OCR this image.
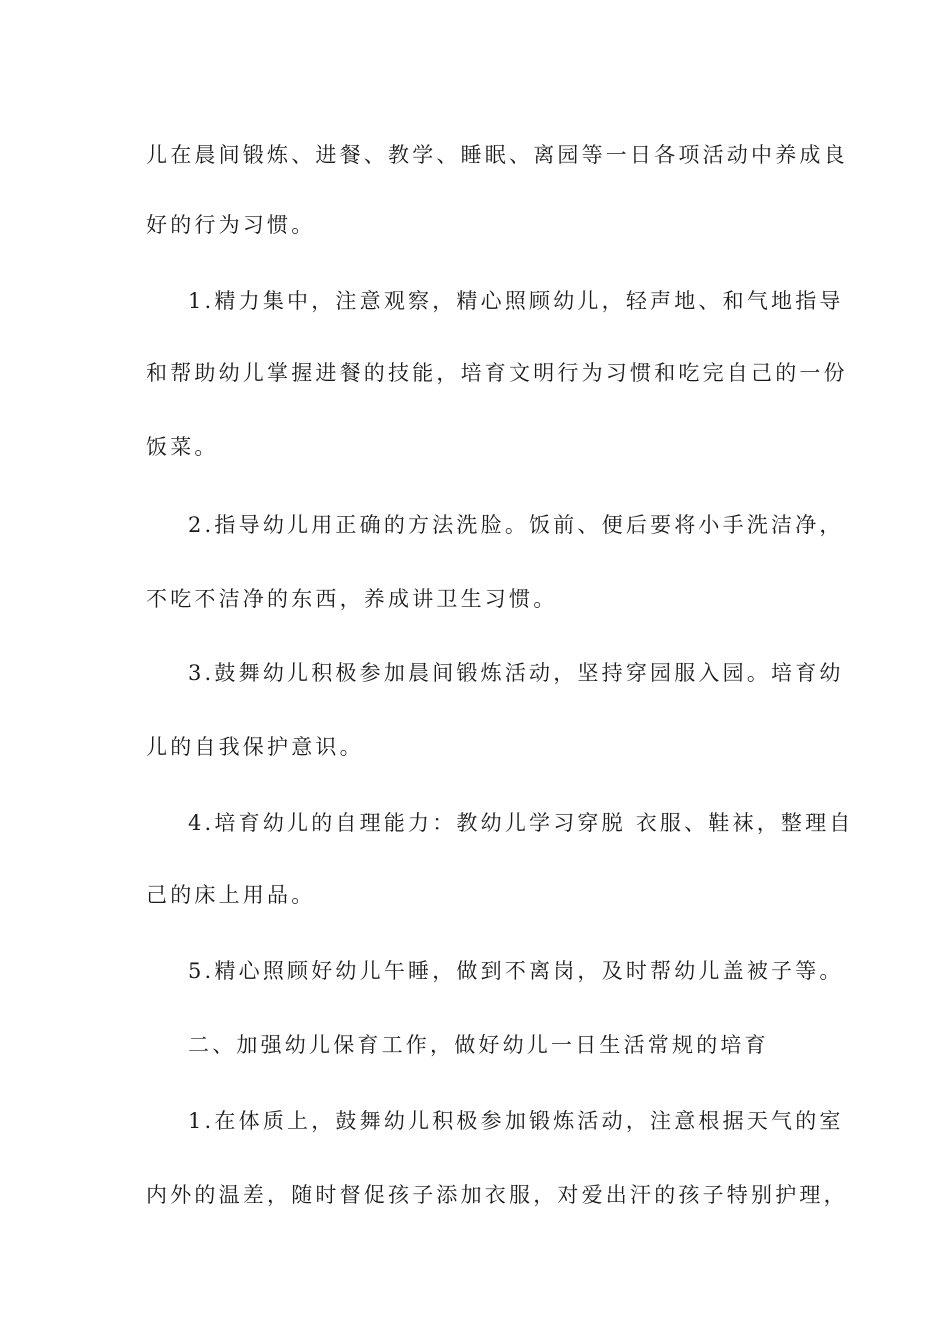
儿在晨间锻炼、进餐、教学、睡眠、离园等一日各项活动中养成良
好的行为习惯。
1.精力集中，注意观察，精心照顾幼儿，轻声地、和气地指导
和帮助幼儿掌握进餐的技能，培育文明行为习惯和吃完自己的一份
饭菜。
2.指导幼儿用正确的方法洗脸。饭前、便后要将小手洗洁净，
不吃不洁净的东西，养成讲卫生习惯。
3.鼓舞幼儿积极参加晨间锻炼活动，坚持穿园服入园。培育幼
儿的自我保护意识。
4.培育幼儿的自理能力：教幼儿学习穿脱 衣服、鞋袜，整理自
己的床上用品。
5.精心照顾好幼儿午睡，做到不离岗，及时帮幼儿盖被子等。
二、加强幼儿保育工作，做好幼儿一日生活常规的培育
1.在体质上，鼓舞幼儿积极参加锻炼活动，注意根据天气的室
内外的温差，随时督促孩子添加衣服，对爱出汗的孩子特别护理，
